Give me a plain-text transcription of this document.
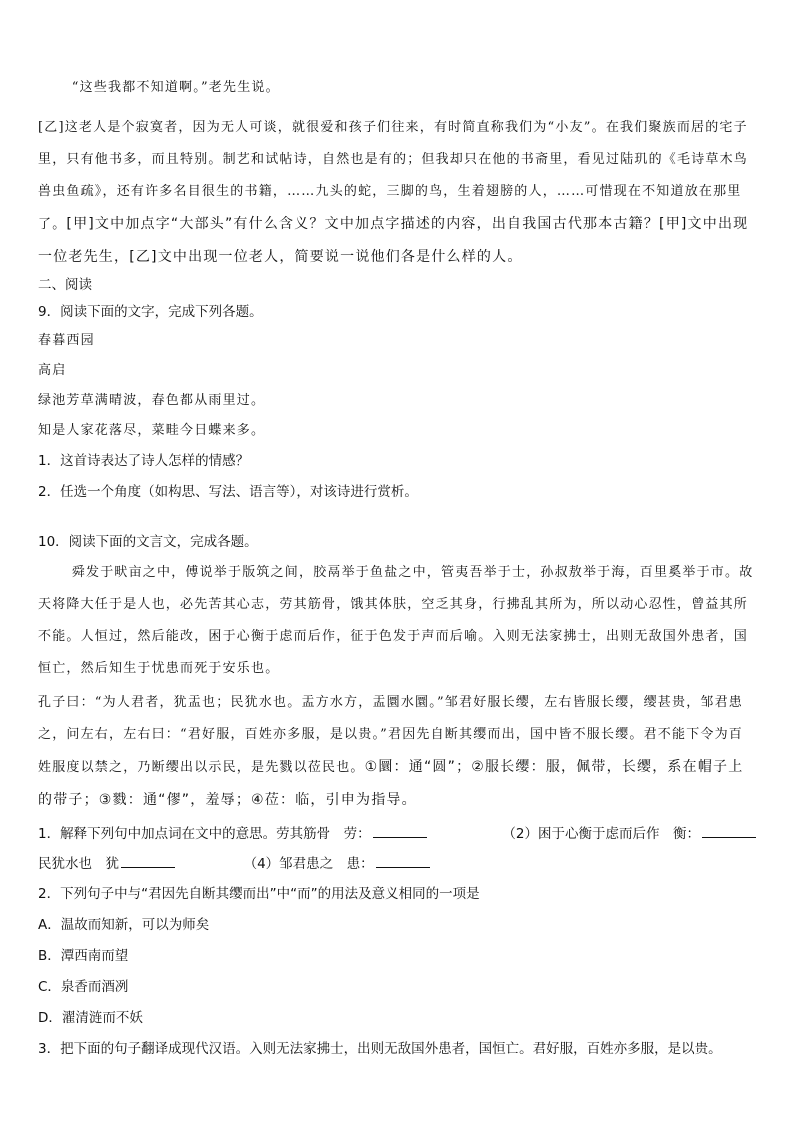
“这些我都不知道啊。”老先生说。

[乙]这老人是个寂寞者，因为无人可谈，就很爱和孩子们往来，有时简直称我们为“小友”。在我们聚族而居的宅子里，只有他书多，而且特别。制艺和试帖诗，自然也是有的；但我却只在他的书斋里，看见过陆玑的《毛诗草木鸟兽虫鱼疏》，还有许多名目很生的书籍，……九头的蛇，三脚的鸟，生着翅膀的人，……可惜现在不知道放在那里了。[甲]文中加点字“大部头”有什么含义？文中加点字描述的内容，出自我国古代那本古籍？[甲]文中出现一位老先生，[乙]文中出现一位老人，简要说一说他们各是什么样的人。

二、阅读

9．阅读下面的文字，完成下列各题。

春暮西园

高启

绿池芳草满晴波，春色都从雨里过。

知是人家花落尽，菜畦今日蝶来多。

1．这首诗表达了诗人怎样的情感？

2．任选一个角度（如构思、写法、语言等），对该诗进行赏析。

10．阅读下面的文言文，完成各题。

舜发于畎亩之中，傅说举于版筑之间，胶鬲举于鱼盐之中，管夷吾举于士，孙叔敖举于海，百里奚举于市。故天将降大任于是人也，必先苦其心志，劳其筋骨，饿其体肤，空乏其身，行拂乱其所为，所以动心忍性，曾益其所不能。人恒过，然后能改，困于心衡于虑而后作，征于色发于声而后喻。入则无法家拂士，出则无敌国外患者，国恒亡，然后知生于忧患而死于安乐也。

孔子曰：“为人君者，犹盂也；民犹水也。盂方水方，盂圜水圜。”邹君好服长缨，左右皆服长缨，缨甚贵，邹君患之，问左右，左右曰：“君好服，百姓亦多服，是以贵。”君因先自断其缨而出，国中皆不服长缨。君不能下令为百姓服度以禁之，乃断缨出以示民，是先戮以莅民也。①圜：通“圆”；②服长缨：服，佩带，长缨，系在帽子上的带子；③戮：通“僇”，羞辱；④莅：临，引申为指导。

1．解释下列句中加点词在文中的意思。劳其筋骨　劳：	（2）困于心衡于虑而后作　衡：
民犹水也　犹	（4）邹君患之　患：

2．下列句子中与“君因先自断其缨而出”中“而”的用法及意义相同的一项是

A．温故而知新，可以为师矣

B．潭西南而望

C．泉香而酒冽

D．濯清涟而不妖

3．把下面的句子翻译成现代汉语。入则无法家拂士，出则无敌国外患者，国恒亡。君好服，百姓亦多服，是以贵。
